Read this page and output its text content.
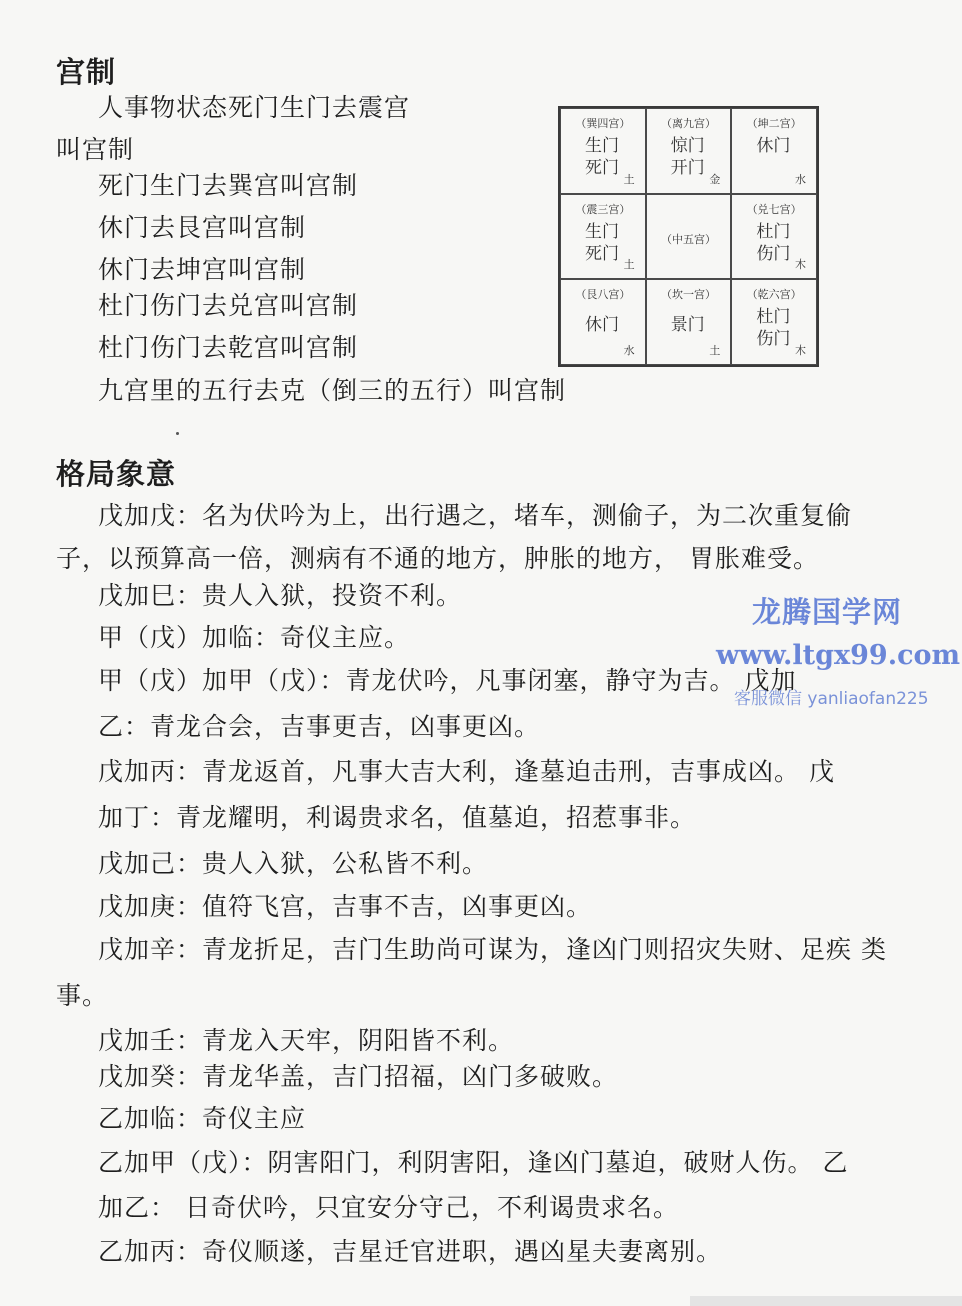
宫制
人事物状态死门生门去震宫
叫宫制
死门生门去巽宫叫宫制
休门去艮宫叫宫制
休门去坤宫叫宫制
杜门伤门去兑宫叫宫制
杜门伤门去乾宫叫宫制
九宫里的五行去克（倒三的五行）叫宫制
（巽四宫）
生门
死门
土
（离九宫）
惊门
开门
金
（坤二宫）
休门
水
（震三宫）
生门
死门
土
（中五宫）
（兑七宫）
杜门
伤门
木
（艮八宫）
休门
水
（坎一宫）
景门
土
（乾六宫）
杜门
伤门
木
格局象意
戊加戊：名为伏吟为上，出行遇之，堵车，测偷子，为二次重复偷
子，以预算高一倍，测病有不通的地方，肿胀的地方， 胃胀难受。
戊加巳：贵人入狱，投资不利。
甲（戊）加临：奇仪主应。
甲（戊）加甲（戊）：青龙伏吟，凡事闭塞，静守为吉。 戊加
乙：青龙合会，吉事更吉，凶事更凶。
戊加丙：青龙返首，凡事大吉大利，逢墓迫击刑，吉事成凶。 戊
加丁：青龙耀明，利谒贵求名，值墓迫，招惹事非。
戊加己：贵人入狱，公私皆不利。
戊加庚：值符飞宫，吉事不吉，凶事更凶。
戊加辛：青龙折足，吉门生助尚可谋为，逢凶门则招灾失财、足疾 类
事。
戊加壬：青龙入天牢，阴阳皆不利。
戊加癸：青龙华盖，吉门招福，凶门多破败。
乙加临：奇仪主应
乙加甲（戊）：阴害阳门，利阴害阳，逢凶门墓迫，破财人伤。 乙
加乙： 日奇伏吟，只宜安分守己，不利谒贵求名。
乙加丙：奇仪顺遂，吉星迁官进职，遇凶星夫妻离别。
龙腾国学网
www.ltgx99.com
客服微信 yanliaofan225
